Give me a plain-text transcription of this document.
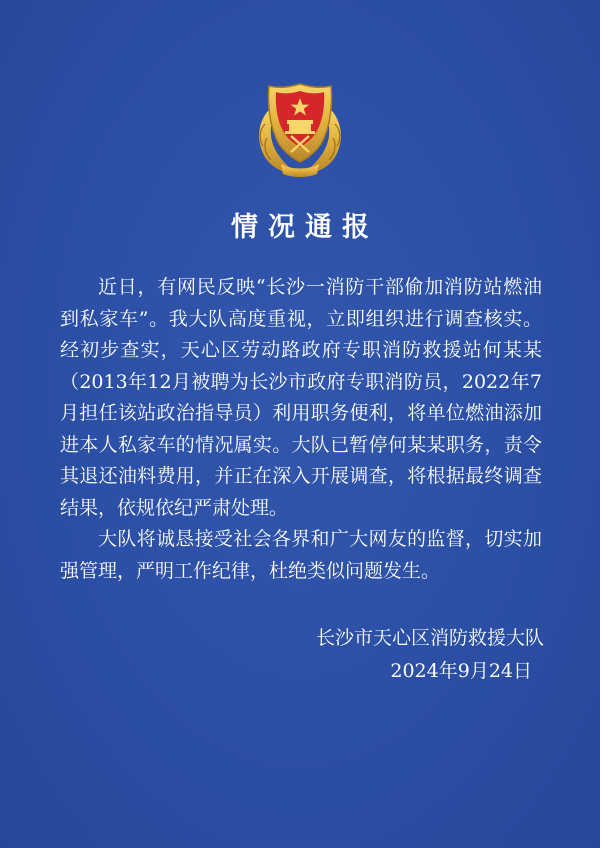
情况通报

近日，有网民反映“长沙一消防干部偷加消防站燃油到私家车”。我大队高度重视，立即组织进行调查核实。经初步查实，天心区劳动路政府专职消防救援站何某某（2013年12月被聘为长沙市政府专职消防员，2022年7月担任该站政治指导员）利用职务便利，将单位燃油添加进本人私家车的情况属实。大队已暂停何某某职务，责令其退还油料费用，并正在深入开展调查，将根据最终调查结果，依规依纪严肃处理。

大队将诚恳接受社会各界和广大网友的监督，切实加强管理，严明工作纪律，杜绝类似问题发生。

长沙市天心区消防救援大队
2024年9月24日
